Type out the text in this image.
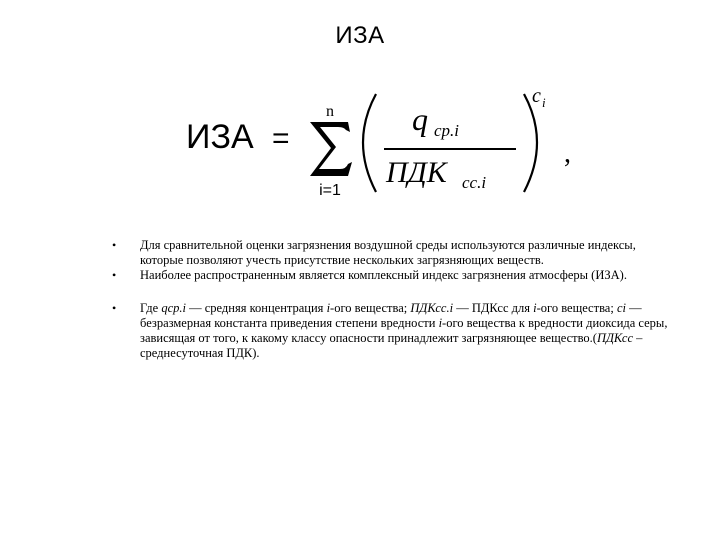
ИЗА
ИЗА =
n
i=1
q ср.i
ПДК сс.i
c i
,
•	Для сравнительной оценки загрязнения воздушной среды используются различные индексы, которые позволяют учесть присутствие нескольких загрязняющих веществ.
•	Наиболее распространенным является комплексный индекс загрязнения атмосферы (ИЗА).
•	Где qср.i — средняя концентрация i-ого вещества; ПДКсс.i — ПДКсс для i-ого вещества; ci — безразмерная константа приведения степени вредности i-ого вещества к вредности диоксида серы, зависящая от того, к какому классу опасности принадлежит загрязняющее вещество.(ПДКсс – среднесуточная ПДК).
